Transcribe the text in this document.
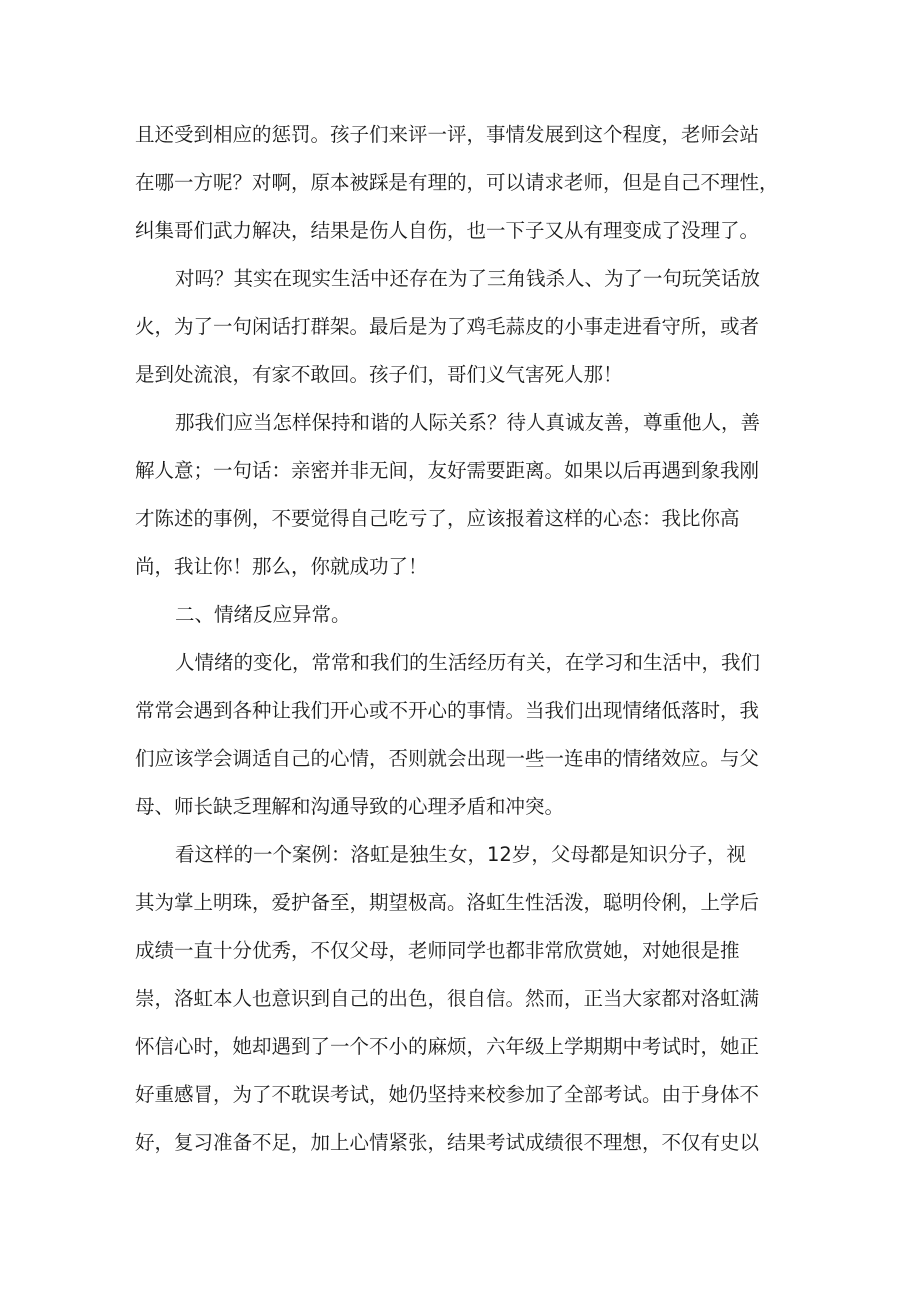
且还受到相应的惩罚。孩子们来评一评，事情发展到这个程度，老师会站
在哪一方呢？对啊，原本被踩是有理的，可以请求老师，但是自己不理性，
纠集哥们武力解决，结果是伤人自伤，也一下子又从有理变成了没理了。
对吗？其实在现实生活中还存在为了三角钱杀人、为了一句玩笑话放
火，为了一句闲话打群架。最后是为了鸡毛蒜皮的小事走进看守所，或者
是到处流浪，有家不敢回。孩子们，哥们义气害死人那！
那我们应当怎样保持和谐的人际关系？待人真诚友善，尊重他人，善
解人意；一句话：亲密并非无间，友好需要距离。如果以后再遇到象我刚
才陈述的事例，不要觉得自己吃亏了，应该报着这样的心态：我比你高
尚，我让你！那么，你就成功了！
二、情绪反应异常。
人情绪的变化，常常和我们的生活经历有关，在学习和生活中，我们
常常会遇到各种让我们开心或不开心的事情。当我们出现情绪低落时，我
们应该学会调适自己的心情，否则就会出现一些一连串的情绪效应。与父
母、师长缺乏理解和沟通导致的心理矛盾和冲突。
看这样的一个案例：洛虹是独生女，12岁，父母都是知识分子，视
其为掌上明珠，爱护备至，期望极高。洛虹生性活泼，聪明伶俐，上学后
成绩一直十分优秀，不仅父母，老师同学也都非常欣赏她，对她很是推
崇，洛虹本人也意识到自己的出色，很自信。然而，正当大家都对洛虹满
怀信心时，她却遇到了一个不小的麻烦，六年级上学期期中考试时，她正
好重感冒，为了不耽误考试，她仍坚持来校参加了全部考试。由于身体不
好，复习准备不足，加上心情紧张，结果考试成绩很不理想，不仅有史以
